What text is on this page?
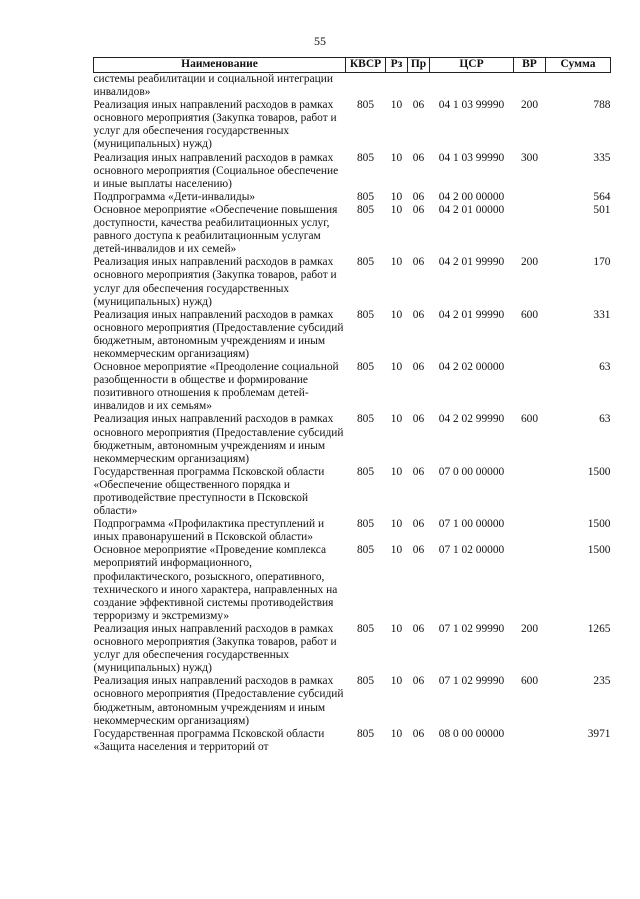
55
Наименование	КВСР	Рз	Пр	ЦСР	ВР	Сумма
системы реабилитации и социальной интеграции инвалидов»						
Реализация иных направлений расходов в рамках основного мероприятия (Закупка товаров, работ и услуг для обеспечения государственных (муниципальных) нужд)	805	10	06	04 1 03 99990	200	788
Реализация иных направлений расходов в рамках основного мероприятия (Социальное обеспечение и иные выплаты населению)	805	10	06	04 1 03 99990	300	335
Подпрограмма «Дети-инвалиды»	805	10	06	04 2 00 00000		564
Основное мероприятие «Обеспечение повышения доступности, качества реабилитационных услуг, равного доступа к реабилитационным услугам детей-инвалидов и их семей»	805	10	06	04 2 01 00000		501
Реализация иных направлений расходов в рамках основного мероприятия (Закупка товаров, работ и услуг для обеспечения государственных (муниципальных) нужд)	805	10	06	04 2 01 99990	200	170
Реализация иных направлений расходов в рамках основного мероприятия (Предоставление субсидий бюджетным, автономным учреждениям и иным некоммерческим организациям)	805	10	06	04 2 01 99990	600	331
Основное мероприятие «Преодоление социальной разобщенности в обществе и формирование позитивного отношения к проблемам детей-инвалидов и их семьям»	805	10	06	04 2 02 00000		63
Реализация иных направлений расходов в рамках основного мероприятия (Предоставление субсидий бюджетным, автономным учреждениям и иным некоммерческим организациям)	805	10	06	04 2 02 99990	600	63
Государственная программа Псковской области «Обеспечение общественного порядка и противодействие преступности в Псковской области»	805	10	06	07 0 00 00000		1500
Подпрограмма «Профилактика преступлений и иных правонарушений в Псковской области»	805	10	06	07 1 00 00000		1500
Основное мероприятие «Проведение комплекса мероприятий информационного, профилактического, розыскного, оперативного, технического и иного характера, направленных на создание эффективной системы противодействия терроризму и экстремизму»	805	10	06	07 1 02 00000		1500
Реализация иных направлений расходов в рамках основного мероприятия (Закупка товаров, работ и услуг для обеспечения государственных (муниципальных) нужд)	805	10	06	07 1 02 99990	200	1265
Реализация иных направлений расходов в рамках основного мероприятия (Предоставление субсидий бюджетным, автономным учреждениям и иным некоммерческим организациям)	805	10	06	07 1 02 99990	600	235
Государственная программа Псковской области «Защита населения и территорий от	805	10	06	08 0 00 00000		3971
